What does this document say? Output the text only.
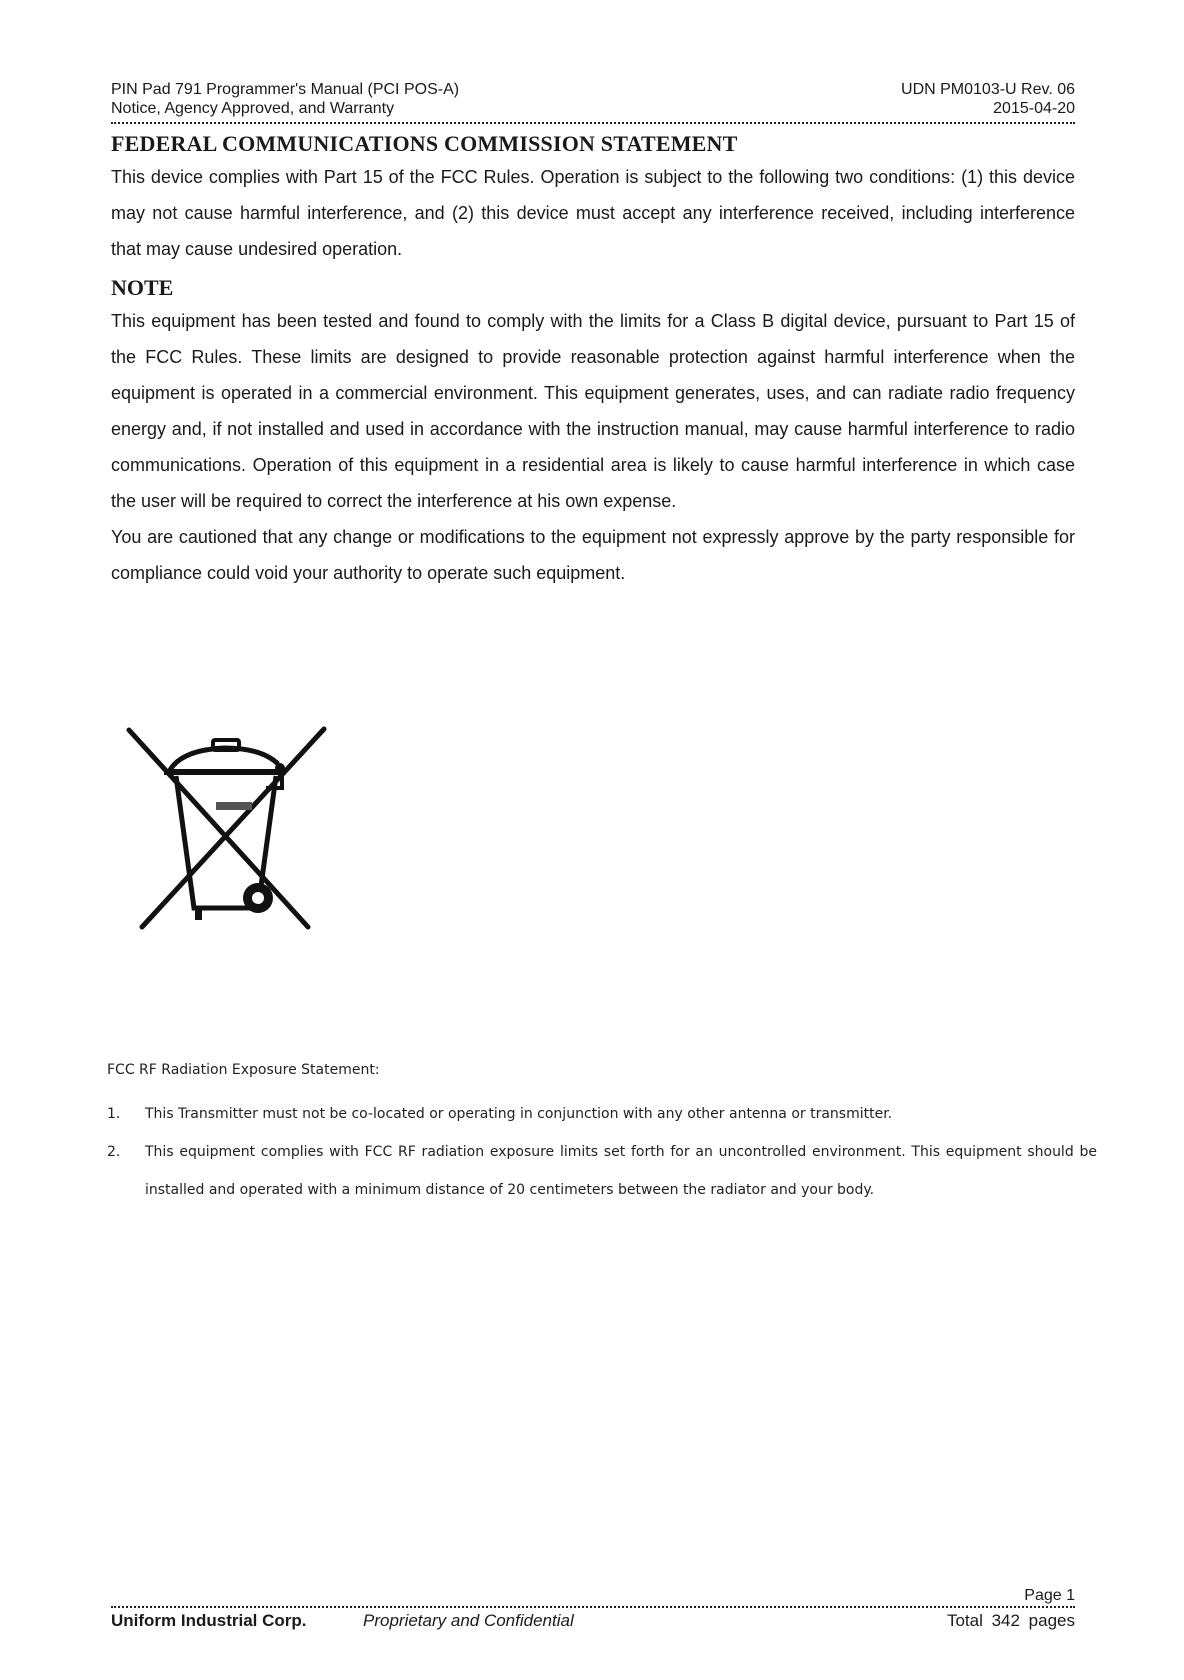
PIN Pad 791 Programmer's Manual (PCI POS-A)	UDN PM0103-U Rev. 06
Notice, Agency Approved, and Warranty	2015-04-20
FEDERAL COMMUNICATIONS COMMISSION STATEMENT

This device complies with Part 15 of the FCC Rules. Operation is subject to the following two conditions: (1) this device may not cause harmful interference, and (2) this device must accept any interference received, including interference that may cause undesired operation.

NOTE

This equipment has been tested and found to comply with the limits for a Class B digital device, pursuant to Part 15 of the FCC Rules. These limits are designed to provide reasonable protection against harmful interference when the equipment is operated in a commercial environment. This equipment generates, uses, and can radiate radio frequency energy and, if not installed and used in accordance with the instruction manual, may cause harmful interference to radio communications. Operation of this equipment in a residential area is likely to cause harmful interference in which case the user will be required to correct the interference at his own expense.

You are cautioned that any change or modifications to the equipment not expressly approve by the party responsible for compliance could void your authority to operate such equipment.

FCC RF Radiation Exposure Statement:
1.	This Transmitter must not be co-located or operating in conjunction with any other antenna or transmitter.
2.	This equipment complies with FCC RF radiation exposure limits set forth for an uncontrolled environment. This equipment should be installed and operated with a minimum distance of 20 centimeters between the radiator and your body.
Page 1
Uniform Industrial Corp.	Proprietary and Confidential	Total 342 pages
